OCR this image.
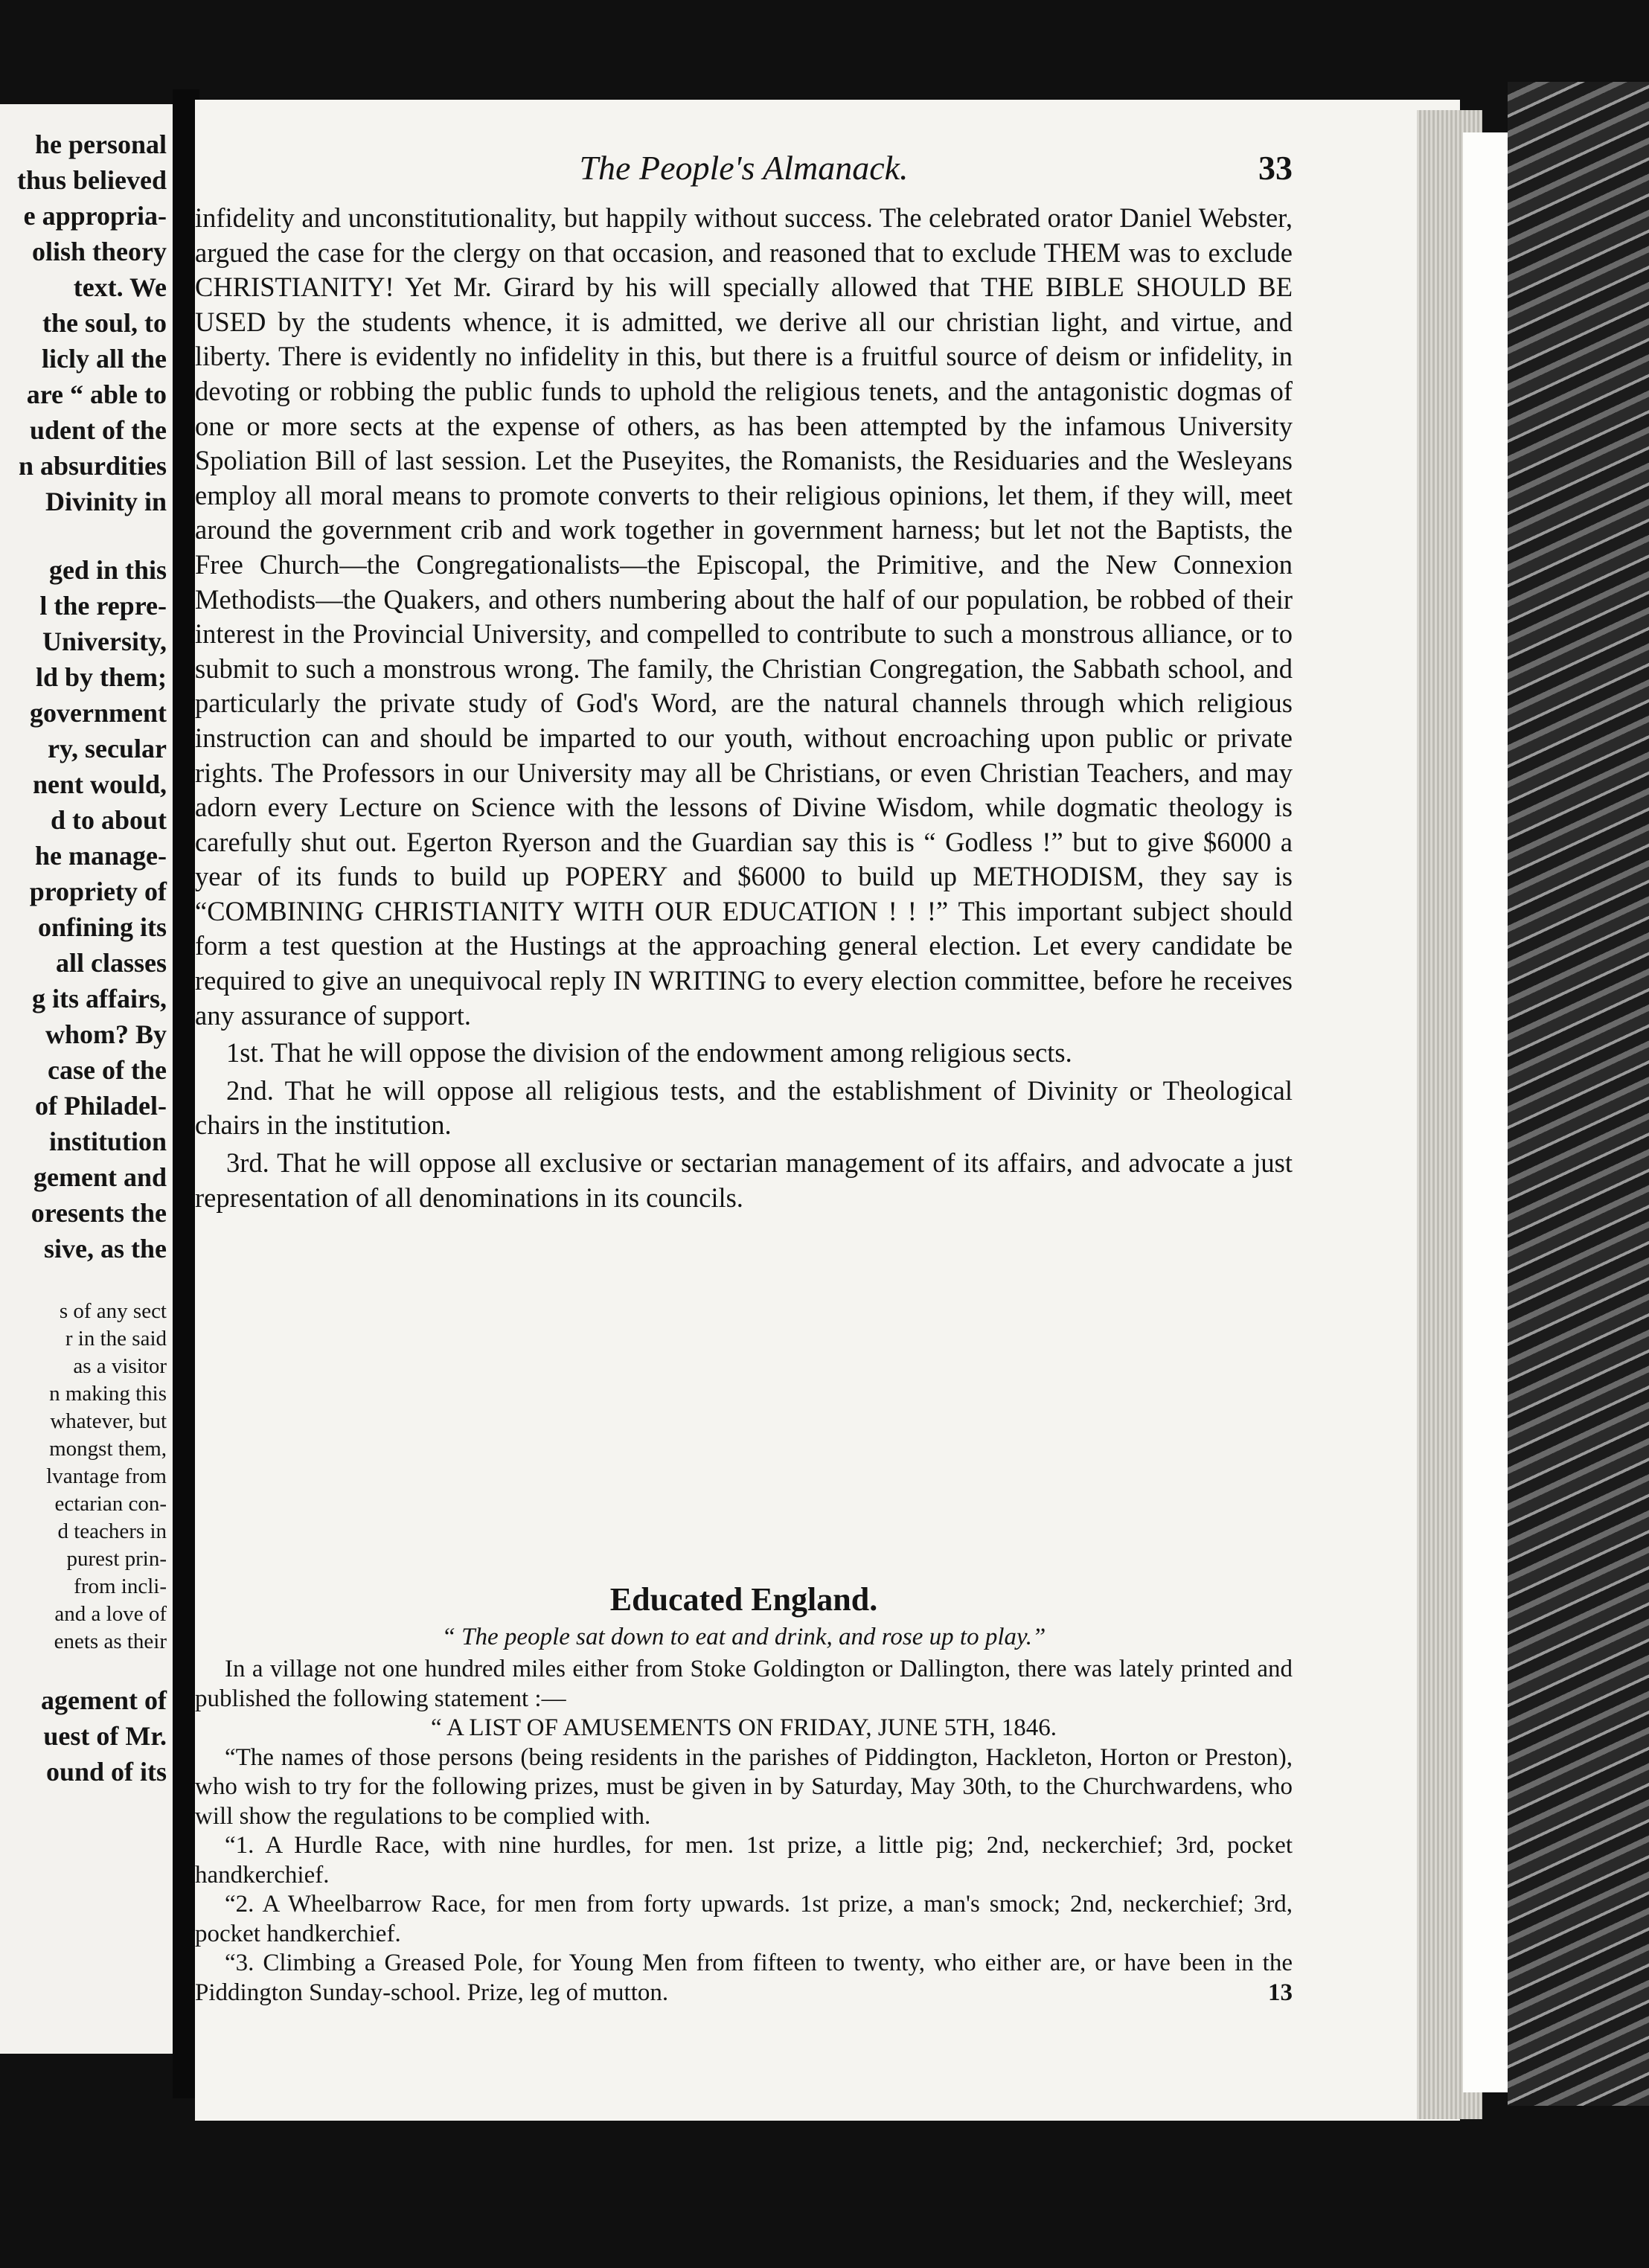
he personal
thus believed
e appropria-
olish theory
text. We
the soul, to
licly all the
are “ able to
udent of the
n absurdities
Divinity in
ged in this
l the repre-
University,
ld by them;
government
ry, secular
nent would,
d to about
he manage-
propriety of
onfining its
all classes
g its affairs,
whom? By
case of the
of Philadel-
institution
gement and
oresents the
sive, as the
s of any sect
r in the said
as a visitor
n making this
whatever, but
mongst them,
lvantage from
ectarian con-
d teachers in
purest prin-
from incli-
and a love of
enets as their
agement of
uest of Mr.
ound of its
The People's Almanack.	33

infidelity and unconstitutionality, but happily without success. The celebrated orator Daniel Webster, argued the case for the clergy on that occasion, and reasoned that to exclude THEM was to exclude CHRISTIANITY! Yet Mr. Girard by his will specially allowed that THE BIBLE SHOULD BE USED by the students whence, it is admitted, we derive all our christian light, and virtue, and liberty. There is evidently no infidelity in this, but there is a fruitful source of deism or infidelity, in devoting or robbing the public funds to uphold the religious tenets, and the antagonistic dogmas of one or more sects at the expense of others, as has been attempted by the infamous University Spoliation Bill of last session. Let the Puseyites, the Romanists, the Residuaries and the Wesleyans employ all moral means to promote converts to their religious opinions, let them, if they will, meet around the government crib and work together in government harness; but let not the Baptists, the Free Church—the Congregationalists—the Episcopal, the Primitive, and the New Connexion Methodists—the Quakers, and others numbering about the half of our population, be robbed of their interest in the Provincial University, and compelled to contribute to such a monstrous alliance, or to submit to such a monstrous wrong. The family, the Christian Congregation, the Sabbath school, and particularly the private study of God's Word, are the natural channels through which religious instruction can and should be imparted to our youth, without encroaching upon public or private rights. The Professors in our University may all be Christians, or even Christian Teachers, and may adorn every Lecture on Science with the lessons of Divine Wisdom, while dogmatic theology is carefully shut out. Egerton Ryerson and the Guardian say this is “ Godless !” but to give $6000 a year of its funds to build up POPERY and $6000 to build up METHODISM, they say is “COMBINING CHRISTIANITY WITH OUR EDUCATION ! ! !” This important subject should form a test question at the Hustings at the approaching general election. Let every candidate be required to give an unequivocal reply IN WRITING to every election committee, before he receives any assurance of support.

1st. That he will oppose the division of the endowment among religious sects.

2nd. That he will oppose all religious tests, and the establishment of Divinity or Theological chairs in the institution.

3rd. That he will oppose all exclusive or sectarian management of its affairs, and advocate a just representation of all denominations in its councils.

Educated England.
“ The people sat down to eat and drink, and rose up to play.”

In a village not one hundred miles either from Stoke Goldington or Dallington, there was lately printed and published the following statement :—

“ A LIST OF AMUSEMENTS ON FRIDAY, JUNE 5TH, 1846.

“The names of those persons (being residents in the parishes of Piddington, Hackleton, Horton or Preston), who wish to try for the following prizes, must be given in by Saturday, May 30th, to the Churchwardens, who will show the regulations to be complied with.

“1. A Hurdle Race, with nine hurdles, for men. 1st prize, a little pig; 2nd, neckerchief; 3rd, pocket handkerchief.

“2. A Wheelbarrow Race, for men from forty upwards. 1st prize, a man's smock; 2nd, neckerchief; 3rd, pocket handkerchief.

“3. Climbing a Greased Pole, for Young Men from fifteen to twenty, who either are, or have been in the Piddington Sunday-school. Prize, leg of mutton.	13
